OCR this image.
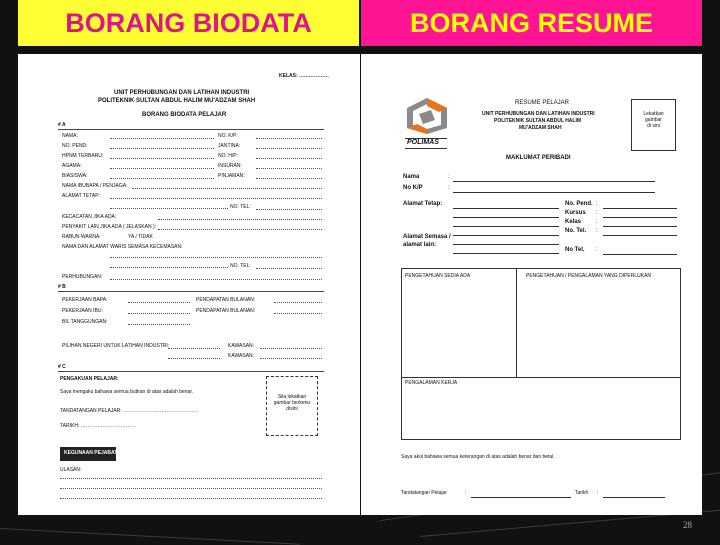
BORANG BIODATA	BORANG RESUME
KELAS: ………………
UNIT PERHUBUNGAN DAN LATIHAN INDUSTRI
POLITEKNIK SULTAN ABDUL HALIM MU'ADZAM SHAH
BORANG BIODATA PELAJAR
# A
NAMA:	NO. K/P:
NO. PEND:	JANTINA:
HPNM TERBARU:	NO. H/P:
AGAMA:	INSURAN:
BIASISWA:	PINJAMAN:
NAMA IBUBAPA / PENJAGA:
ALAMAT TETAP:
NO. TEL:
KECACATAN JIKA ADA:
PENYAKIT LAIN JIKA ADA ( JELASKAN ):
RABUN WARNA:	YA / TIDAK
NAMA DAN ALAMAT WARIS SEMASA KECEMASAN:
NO. TEL:
PERHUBUNGAN:
# B
PEKERJAAN BAPA:	PENDAPATAN BULANAN:
PEKERJAAN IBU:	PENDAPATAN BULANAN:
BIL TANGGUNGAN:
PILIHAN NEGERI UNTUK LATIHAN INDUSTRI:	KAWASAN:
KAWASAN:
# C
PENGAKUAN PELAJAR:
Saya mengaku bahawa semua butiran di atas adalah benar.
TANDATANGAN PELAJAR: ………………………………………
TARIKH: ……………………………
Sila lekatkan
gambar berkenu
disini
KEGUNAAN PEJABAT
ULASAN:
POLIMAS
RESUME PELAJAR
UNIT PERHUBUNGAN DAN LATIHAN INDUSTRI
POLITEKNIK SULTAN ABDUL HALIM
MU'ADZAM SHAH
Lekatkan
gambar
di sini
MAKLUMAT PERIBADI
Nama	:
No K/P	:
Alamat Tetap:	No. Pend. :
Kursus :
Kelas :
No. Tel. :
Alamat Semasa /
alamat lain:
No Tel. :
PENGETAHUAN SEDIA ADA	PENGETAHUAN / PENGALAMAN YANG DIPERLUKAN
PENGALAMAN KERJA
Saya akui bahawa semua keterangan di atas adalah benar dan betul.
Tandatangan Pelajar	:	Tarikh :
28
